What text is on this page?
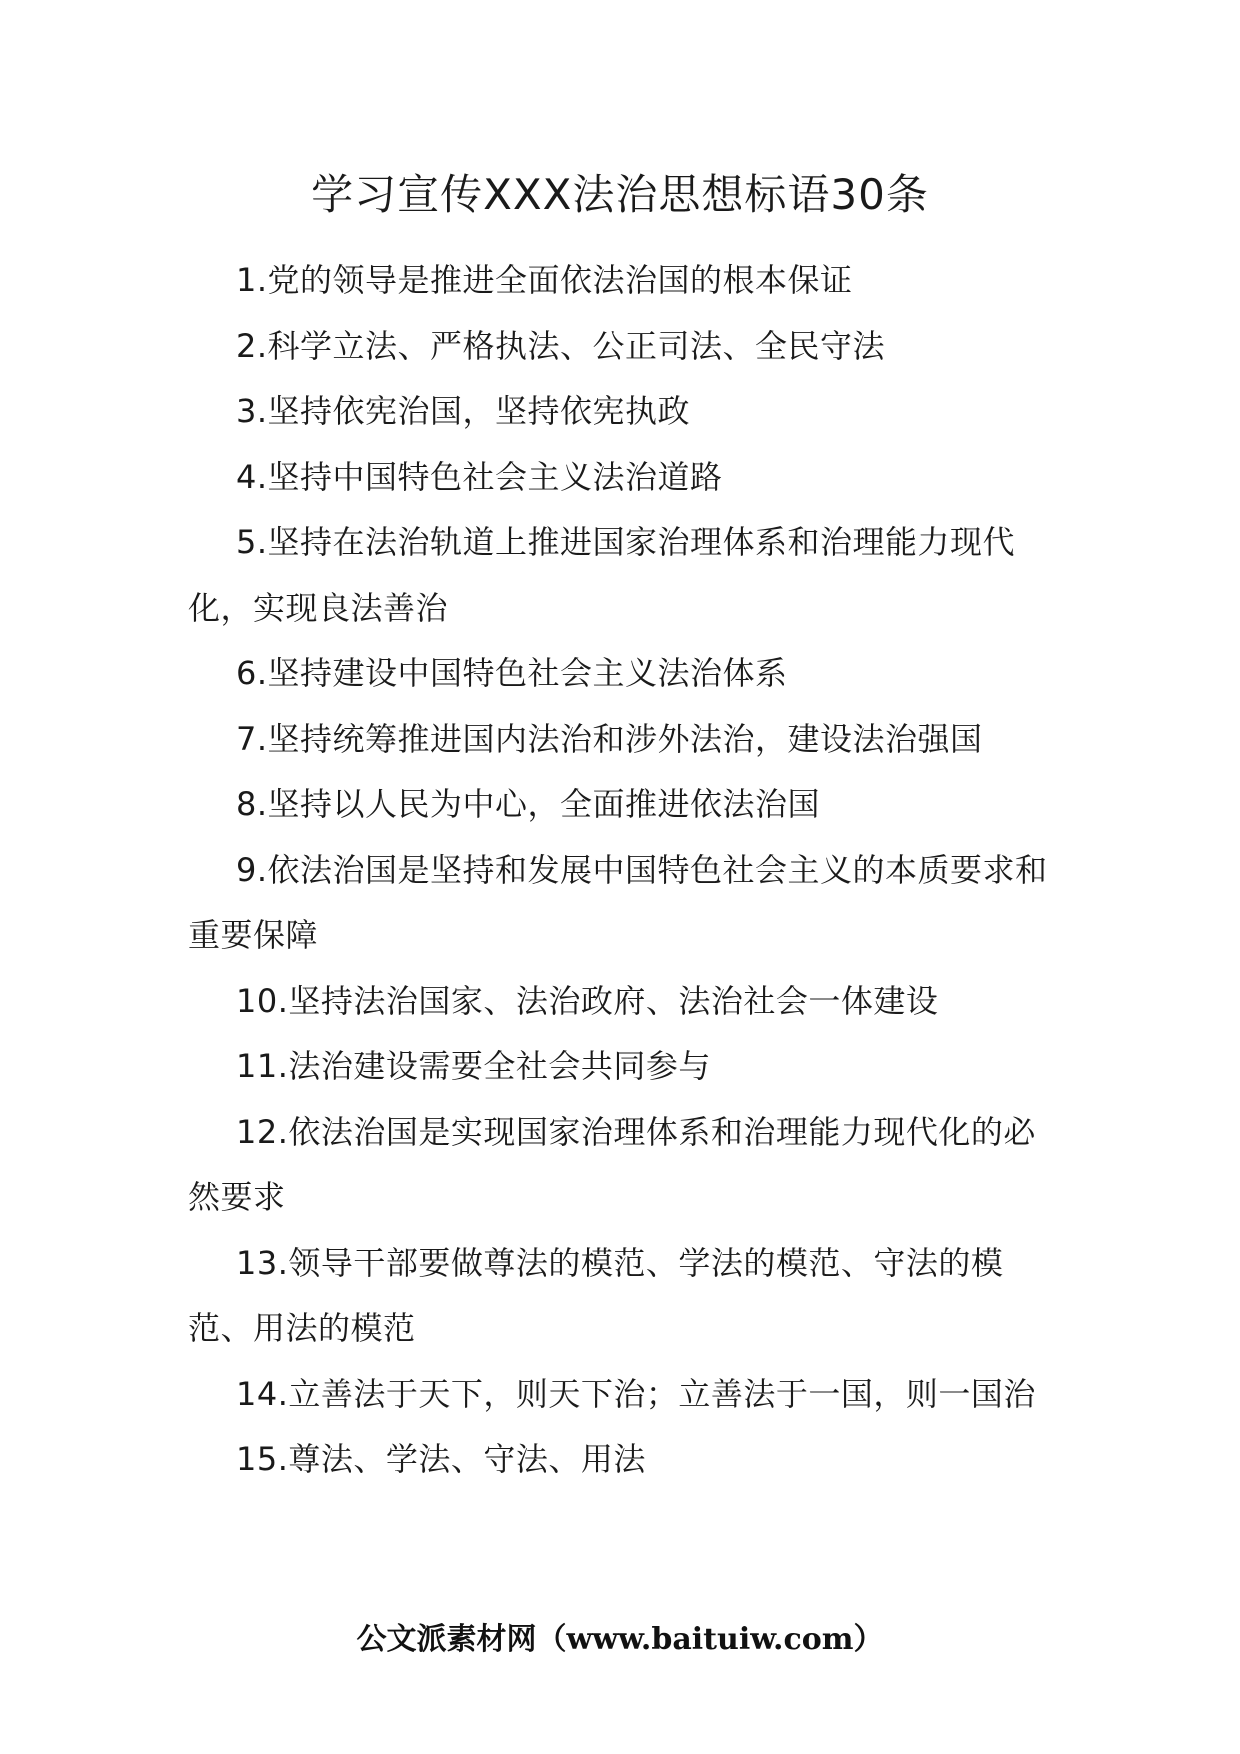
学习宣传XXX法治思想标语30条

1.党的领导是推进全面依法治国的根本保证

2.科学立法、严格执法、公正司法、全民守法

3.坚持依宪治国，坚持依宪执政

4.坚持中国特色社会主义法治道路

5.坚持在法治轨道上推进国家治理体系和治理能力现代化，实现良法善治

6.坚持建设中国特色社会主义法治体系

7.坚持统筹推进国内法治和涉外法治，建设法治强国

8.坚持以人民为中心，全面推进依法治国

9.依法治国是坚持和发展中国特色社会主义的本质要求和重要保障

10.坚持法治国家、法治政府、法治社会一体建设

11.法治建设需要全社会共同参与

12.依法治国是实现国家治理体系和治理能力现代化的必然要求

13.领导干部要做尊法的模范、学法的模范、守法的模范、用法的模范

14.立善法于天下，则天下治；立善法于一国，则一国治

15.尊法、学法、守法、用法

公文派素材网（www.baituiw.com）
